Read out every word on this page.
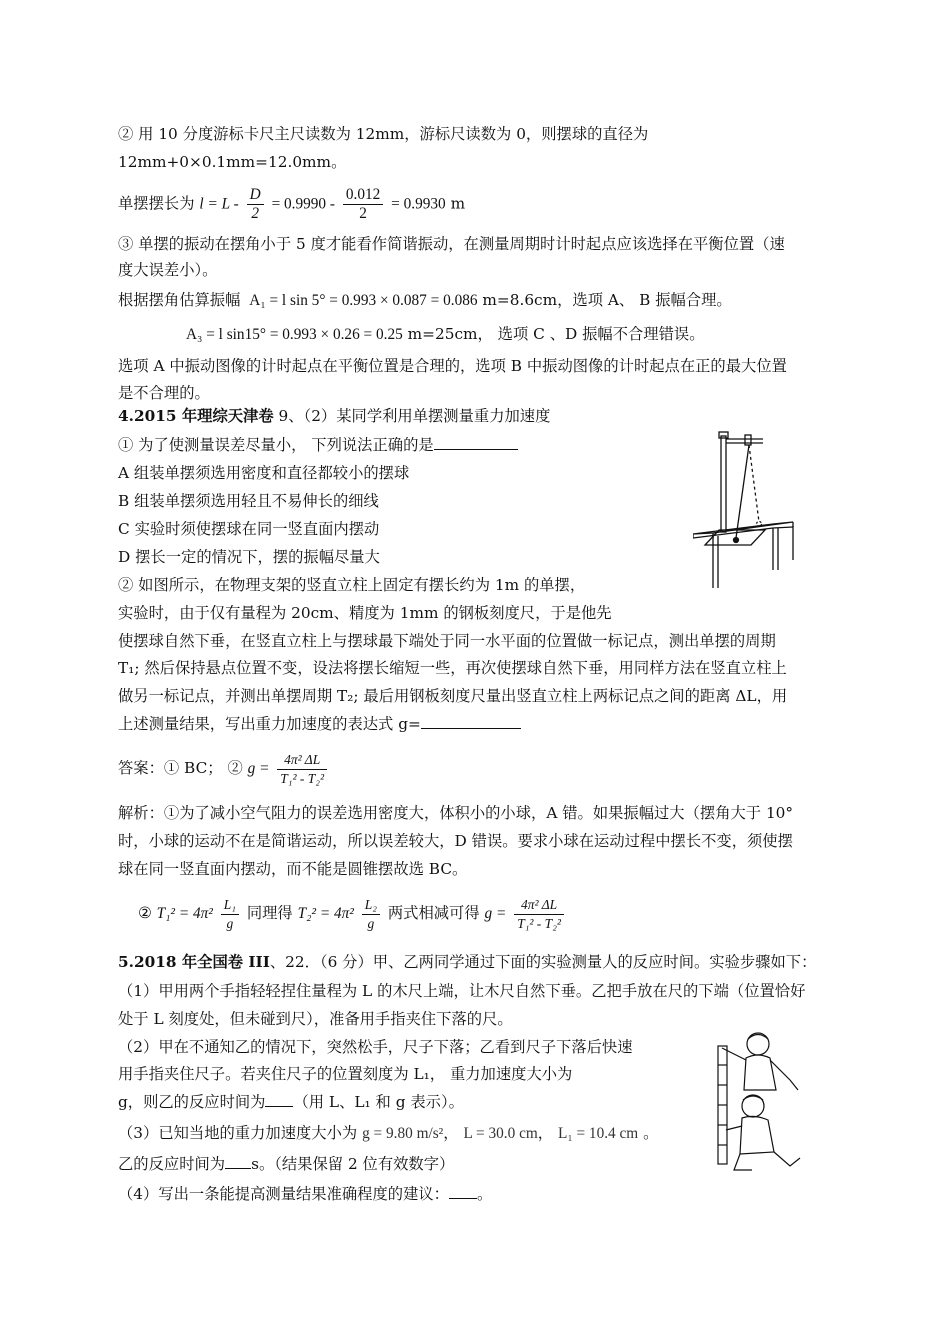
② 用 10 分度游标卡尺主尺读数为 12mm，游标尺读数为 0，则摆球的直径为
12mm+0×0.1mm=12.0mm。
单摆摆长为 $l = L - \frac{D}{2} = 0.9990 - \frac{0.012}{2} = 0.9930$ m
③ 单摆的振动在摆角小于 5 度才能看作简谐振动，在测量周期时计时起点应该选择在平衡位置（速
度大误差小）。
根据摆角估算振幅 A₁ = l sin 5° = 0.993 × 0.087 = 0.086 m=8.6cm，选项 A、 B 振幅合理。
A₃ = l sin15° = 0.993 × 0.26 = 0.25 m=25cm， 选项 C 、D 振幅不合理错误。
选项 A 中振动图像的计时起点在平衡位置是合理的，选项 B 中振动图像的计时起点在正的最大位置
是不合理的。
4.2015 年理综天津卷 9、（2）某同学利用单摆测量重力加速度
① 为了使测量误差尽量小， 下列说法正确的是
A 组装单摆须选用密度和直径都较小的摆球
B 组装单摆须选用轻且不易伸长的细线
C 实验时须使摆球在同一竖直面内摆动
D 摆长一定的情况下，摆的振幅尽量大
② 如图所示，在物理支架的竖直立柱上固定有摆长约为 1m 的单摆，
实验时，由于仅有量程为 20cm、精度为 1mm 的钢板刻度尺，于是他先
使摆球自然下垂，在竖直立柱上与摆球最下端处于同一水平面的位置做一标记点，测出单摆的周期
T₁; 然后保持悬点位置不变，设法将摆长缩短一些，再次使摆球自然下垂，用同样方法在竖直立柱上
做另一标记点，并测出单摆周期 T₂; 最后用钢板刻度尺量出竖直立柱上两标记点之间的距离 ΔL，用
上述测量结果，写出重力加速度的表达式 g=
答案：① BC； ② $g = \frac{\text{4π² ΔL}}{\text{T₁² - T₂²}}$
解析：①为了减小空气阻力的误差选用密度大，体积小的小球，A 错。如果振幅过大（摆角大于 10°
时，小球的运动不在是简谐运动，所以误差较大，D 错误。要求小球在运动过程中摆长不变，须使摆
球在同一竖直面内摆动，而不能是圆锥摆故选 BC。
② $T_1^2 = 4\pi^2 \frac{\text{L₁}}{g}$ 同理得 $T_2^2 = 4\pi^2 \frac{\text{L₂}}{g}$ 两式相减可得 $g = \frac{\text{4π² ΔL}}{\text{T₁² - T₂²}}$
5.2018 年全国卷 III、22．（6 分）甲、乙两同学通过下面的实验测量人的反应时间。实验步骤如下：
（1）甲用两个手指轻轻捏住量程为 L 的木尺上端，让木尺自然下垂。乙把手放在尺的下端（位置恰好
处于 L 刻度处，但未碰到尺），准备用手指夹住下落的尺。
（2）甲在不通知乙的情况下，突然松手，尺子下落；乙看到尺子下落后快速
用手指夹住尺子。若夹住尺子的位置刻度为 L₁， 重力加速度大小为
g，则乙的反应时间为 （用 L、L₁ 和 g 表示）。
（3）已知当地的重力加速度大小为 g = 9.80 m/s²， L = 30.0 cm， L₁ = 10.4 cm 。
乙的反应时间为 s。（结果保留 2 位有效数字）
（4）写出一条能提高测量结果准确程度的建议： 。
